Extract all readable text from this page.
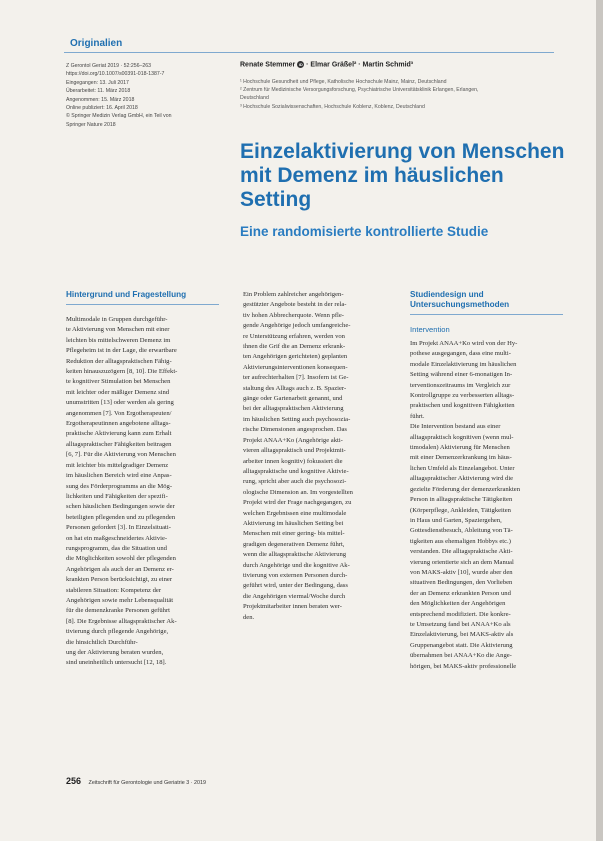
Originalien
Z Gerontol Geriat 2019 · 52:256–263
https://doi.org/10.1007/s00391-018-1387-7
Eingegangen: 13. Juli 2017
Überarbeitet: 11. März 2018
Angenommen: 15. März 2018
Online publiziert: 16. April 2018
© Springer Medizin Verlag GmbH, ein Teil von
Springer Nature 2018
Renate Stemmer iD · Elmar Gräßel² · Martin Schmid³
¹ Hochschule Gesundheit und Pflege, Katholische Hochschule Mainz, Mainz, Deutschland
² Zentrum für Medizinische Versorgungsforschung, Psychiatrische Universitätsklinik Erlangen, Erlangen,
Deutschland
³ Hochschule Sozialwissenschaften, Hochschule Koblenz, Koblenz, Deutschland
Einzelaktivierung von Menschen mit Demenz im häuslichen Setting
Eine randomisierte kontrollierte Studie
Hintergrund und Fragestellung
Multimodale in Gruppen durchgeführ-
te Aktivierung von Menschen mit einer
leichten bis mittelschweren Demenz im
Pflegeheim ist in der Lage, die erwartbare
Reduktion der alltagspraktischen Fähig-
keiten hinauszuzögern [8, 10]. Die Effekt-
te kognitiver Stimulation bei Menschen
mit leichter oder mäßiger Demenz sind
unumstritten [13] oder werden als gering
angenommen [7]. Von Ergotherapeuten/
Ergotherapeutinnen angebotene alltags-
praktische Aktivierung kann zum Erhalt
alltagspraktischer Fähigkeiten beitragen
[6, 7]. Für die Aktivierung von Menschen
mit leichter bis mittelgradiger Demenz
im häuslichen Bereich wird eine Anpas-
sung des Förderprogramms an die Mög-
lichkeiten und Fähigkeiten der spezifi-
schen häuslichen Bedingungen sowie der
beteiligten pflegenden und zu pflegenden
Personen gefordert [3]. In Einzelsituati-
on hat ein maßgeschneidertes Aktivie-
rungsprogramm, das die Situation und
die Möglichkeiten sowohl der pflegenden
Angehörigen als auch der an Demenz er-
krankten Person berücksichtigt, zu einer
stabileren Situation: Kompetenz der
Angehörigen sowie mehr Lebensqualität
für die demenzkranke Personen geführt
[8]. Die Ergebnisse alltagspraktischer Ak-
tivierung durch pflegende Angehörige,
die hinsichtlich Durchführ-
ung der Aktivierung beraten wurden,
sind uneinheitlich untersucht [12, 18].
Ein Problem zahlreicher angehörigen-
gestützter Angebote besteht in der rela-
tiv hohen Abbrecherquote. Wenn pfle-
gende Angehörige jedoch umfangreiche-
re Unterstützung erfahren, werden von
ihnen die Grif die an Demenz erkrank-
ten Angehörigen gerichteten) geplanten
Aktivierungsinterventionen konsequen-
ter aufrechterhalten [7]. Insofern ist Ge-
staltung des Alltags auch z. B. Spazier-
gänge oder Gartenarbeit genannt, und
bei der alltagspraktischen Aktivierung
im häuslichen Setting auch psychosozia-
rische Dimensionen angesprochen. Das
Projekt ANAA+Ko (Angehörige akti-
vieren alltagspraktisch und Projektmit-
arbeiter innen kognitiv) fokussiert die
alltagspraktische und kognitive Aktivie-
rung, spricht aber auch die psychosozi-
ologische Dimension an. Im vorgestellten
Projekt wird der Frage nachgegangen, zu
welchen Ergebnissen eine multimodale
Aktivierung im häuslichen Setting bei
Menschen mit einer gering- bis mittel-
gradigen degenerativen Demenz führt,
wenn die alltagspraktische Aktivierung
durch Angehörige und die kognitive Ak-
tivierung von externen Personen durch-
geführt wird, unter der Bedingung, dass
die Angehörigen viermal/Woche durch
Projektmitarbeiter innen beraten wer-
den.
Studiendesign und Untersuchungsmethoden
Intervention
Im Projekt ANAA+Ko wird von der Hy-
pothese ausgegangen, dass eine multi-
modale Einzelaktivierung im häuslichen
Setting während einer 6-monatigen In-
terventionszeitraums im Vergleich zur
Kontrollgruppe zu verbesserten alltags-
praktischen und kognitiven Fähigkeiten
führt.
Die Intervention bestand aus einer
alltagspraktisch kognitiven (wenn mul-
timodalen) Aktivierung für Menschen
mit einer Demenzerkrankung im häus-
lichen Umfeld als Einzelangebot. Unter
alltagspraktischer Aktivierung wird die
gezielte Förderung der demenzerkrankten
Person in alltagspraktische Tätigkeiten
(Körperpflege, Ankleiden, Tätigkeiten
in Haus und Garten, Spaziergehen,
Gottesdienstbesuch, Ableitung von Tä-
tigkeiten aus ehemaligen Hobbys etc.)
verstanden. Die alltagspraktische Akti-
vierung orientierte sich an dem Manual
von MAKS-aktiv [10], wurde aber den
situativen Bedingungen, den Vorlieben
der an Demenz erkrankten Person und
den Möglichkeiten der Angehörigen
entsprechend modifiziert. Die konkre-
te Umsetzung fand bei ANAA+Ko als
Einzelaktivierung, bei MAKS-aktiv als
Gruppenangebot statt. Die Aktivierung
übernahmen bei ANAA+Ko die Ange-
hörigen, bei MAKS-aktiv professionelle
256 Zeitschrift für Gerontologie und Geriatrie 3 · 2019
